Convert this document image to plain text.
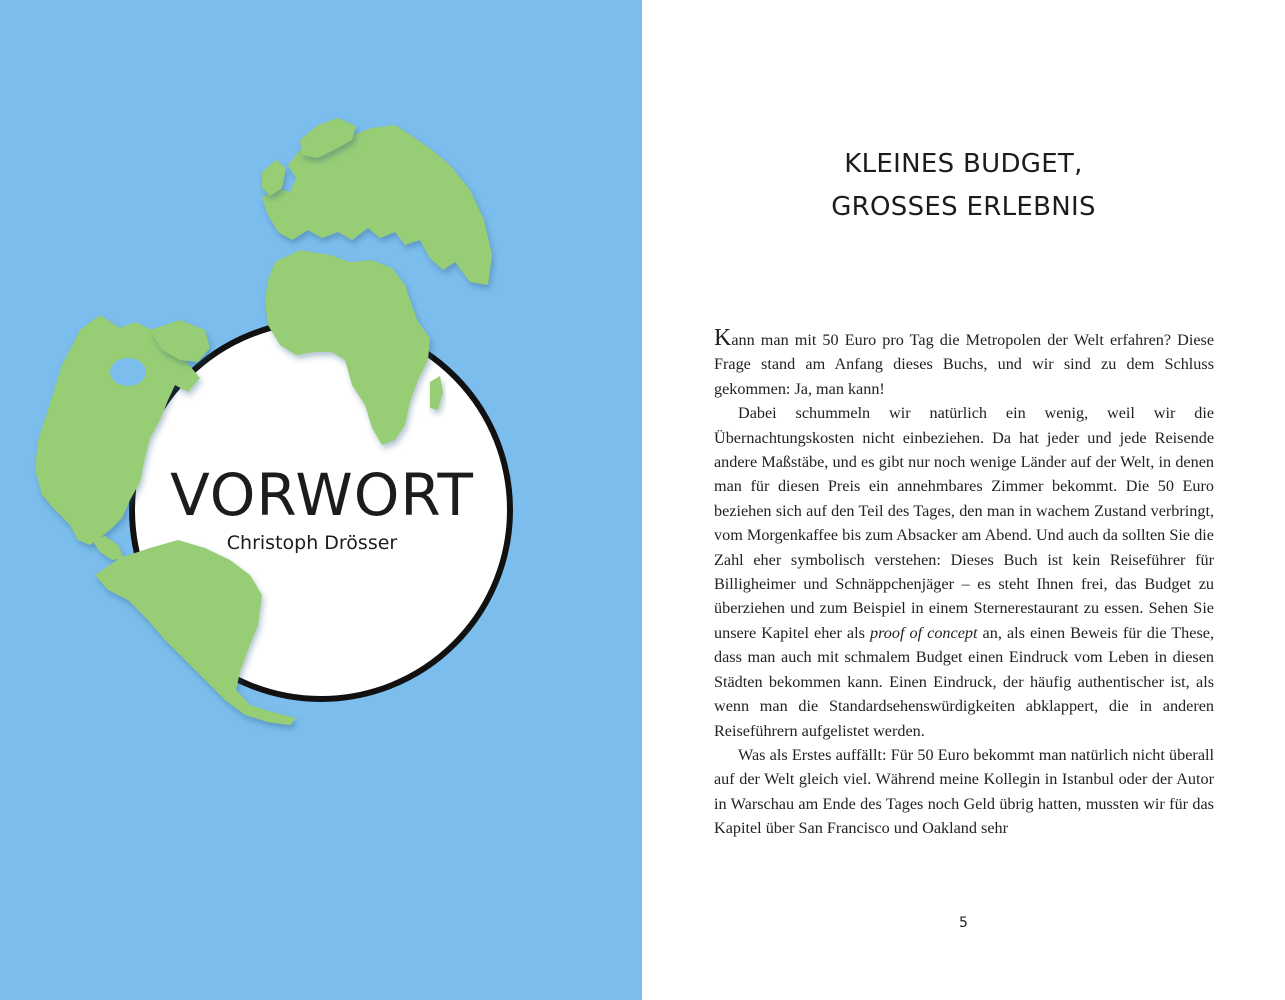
VORWORT
Christoph Drösser
KLEINES BUDGET,
GROSSES ERLEBNIS

Kann man mit 50 Euro pro Tag die Metropolen der Welt erfahren? Diese Frage stand am Anfang dieses Buchs, und wir sind zu dem Schluss gekommen: Ja, man kann!

Dabei schummeln wir natürlich ein wenig, weil wir die Übernachtungskosten nicht einbeziehen. Da hat jeder und jede Reisende andere Maßstäbe, und es gibt nur noch wenige Länder auf der Welt, in denen man für diesen Preis ein annehmbares Zimmer bekommt. Die 50 Euro beziehen sich auf den Teil des Tages, den man in wachem Zustand verbringt, vom Morgenkaffee bis zum Absacker am Abend. Und auch da sollten Sie die Zahl eher symbolisch verstehen: Dieses Buch ist kein Reiseführer für Billigheimer und Schnäppchenjäger – es steht Ihnen frei, das Budget zu überziehen und zum Beispiel in einem Sternerestaurant zu essen. Sehen Sie unsere Kapitel eher als proof of concept an, als einen Beweis für die These, dass man auch mit schmalem Budget einen Eindruck vom Leben in diesen Städten bekommen kann. Einen Eindruck, der häufig authentischer ist, als wenn man die Standardsehenswürdigkeiten abklappert, die in anderen Reiseführern aufgelistet werden.

Was als Erstes auffällt: Für 50 Euro bekommt man natürlich nicht überall auf der Welt gleich viel. Während meine Kollegin in Istanbul oder der Autor in Warschau am Ende des Tages noch Geld übrig hatten, mussten wir für das Kapitel über San Francisco und Oakland sehr

5
